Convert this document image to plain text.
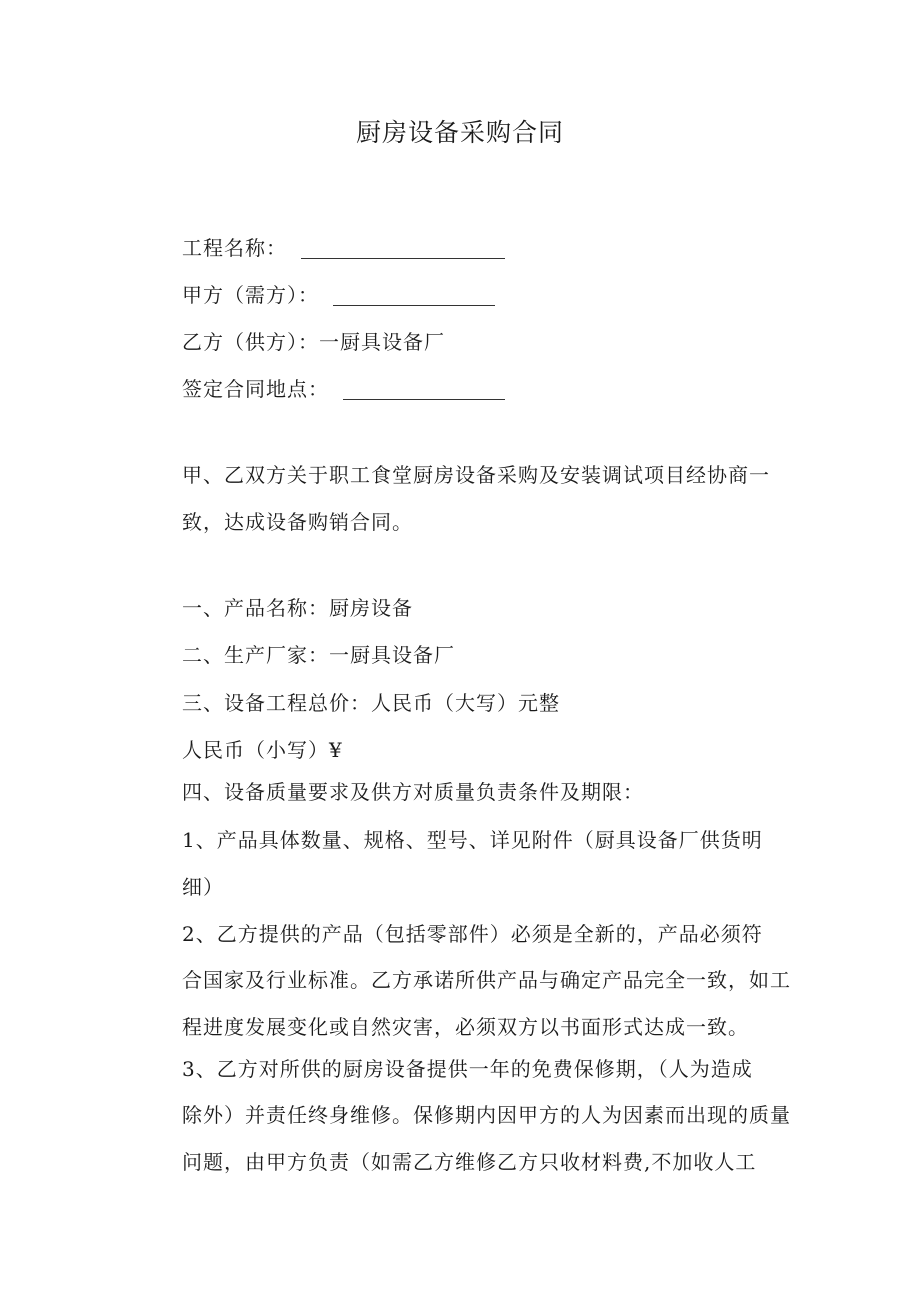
厨房设备采购合同
工程名称：
甲方（需方）：
乙方（供方）：一厨具设备厂
签定合同地点：
甲、乙双方关于职工食堂厨房设备采购及安装调试项目经协商一
致，达成设备购销合同。
一、产品名称：厨房设备
二、生产厂家：一厨具设备厂
三、设备工程总价：人民币（大写）元整
人民币（小写）¥
四、设备质量要求及供方对质量负责条件及期限：
1、产品具体数量、规格、型号、详见附件（厨具设备厂供货明
细）
2、乙方提供的产品（包括零部件）必须是全新的，产品必须符
合国家及行业标准。乙方承诺所供产品与确定产品完全一致，如工
程进度发展变化或自然灾害，必须双方以书面形式达成一致。
3、乙方对所供的厨房设备提供一年的免费保修期，（人为造成
除外）并责任终身维修。保修期内因甲方的人为因素而出现的质量
问题，由甲方负责（如需乙方维修乙方只收材料费,不加收人工
